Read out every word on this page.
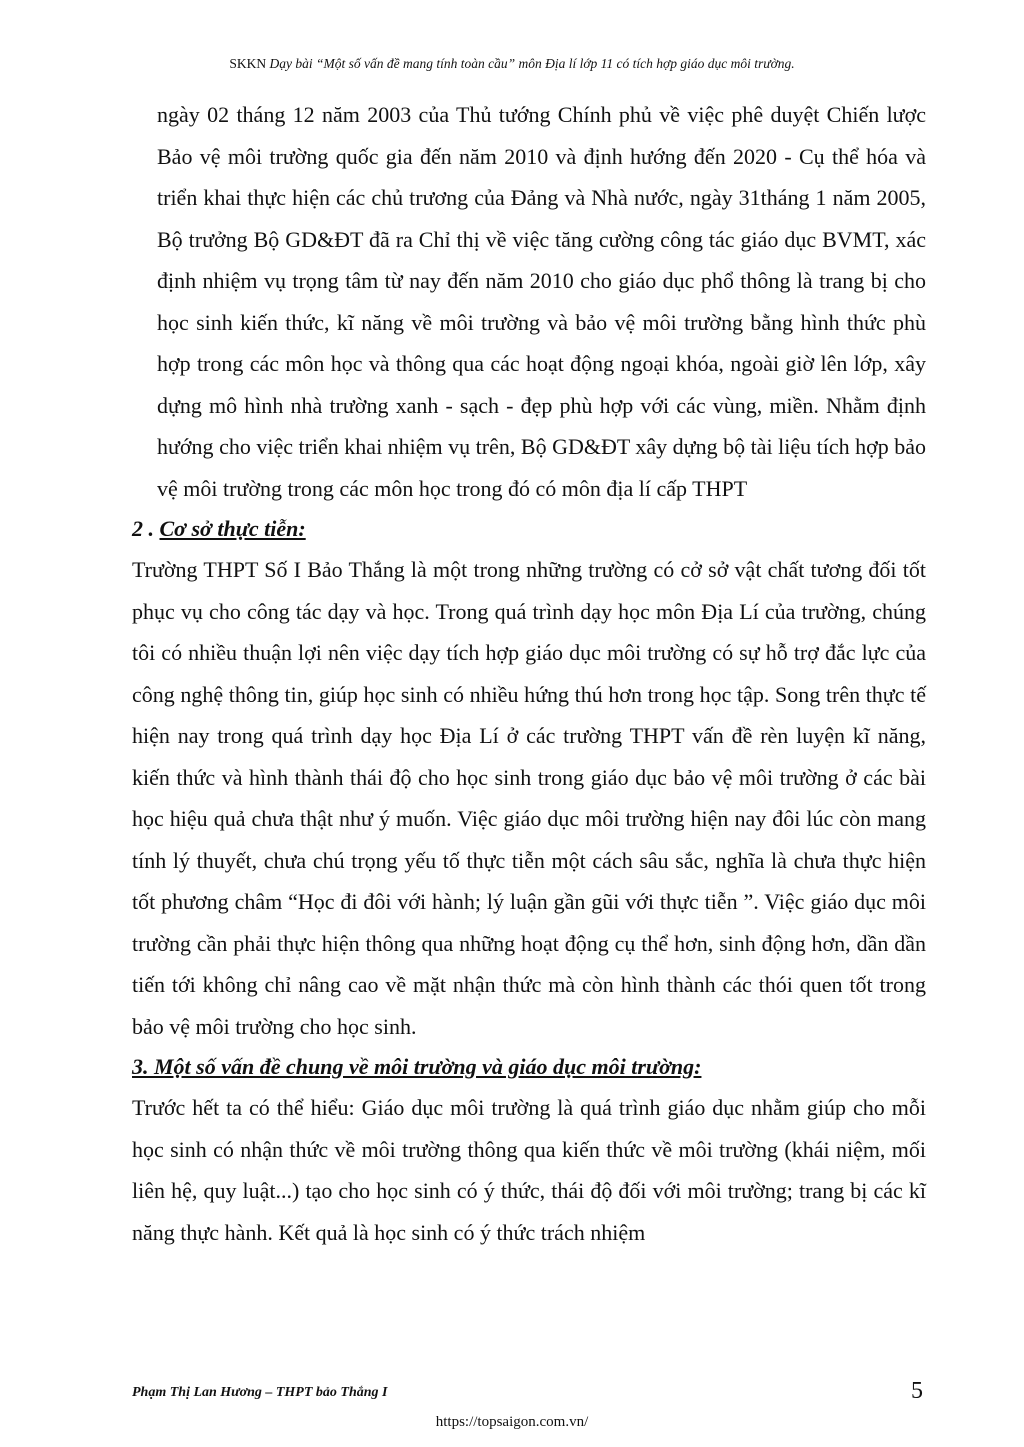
SKKN Dạy bài “Một số vấn đề mang tính toàn cầu” môn Địa lí lớp 11 có tích hợp giáo dục môi trường.

ngày 02 tháng 12 năm 2003 của Thủ tướng Chính phủ về việc phê duyệt Chiến lược Bảo vệ môi trường quốc gia đến năm 2010 và định hướng đến 2020 - Cụ thể hóa và triển khai thực hiện các chủ trương của Đảng và Nhà nước, ngày 31tháng 1 năm 2005, Bộ trưởng Bộ GD&ĐT đã ra Chỉ thị về việc tăng cường công tác giáo dục BVMT, xác định nhiệm vụ trọng tâm từ nay đến năm 2010 cho giáo dục phổ thông là trang bị cho học sinh kiến thức, kĩ năng về môi trường và bảo vệ môi trường bằng hình thức phù hợp trong các môn học và thông qua các hoạt động ngoại khóa, ngoài giờ lên lớp, xây dựng mô hình nhà trường xanh - sạch - đẹp phù hợp với các vùng, miền. Nhằm định hướng cho việc triển khai nhiệm vụ trên, Bộ GD&ĐT xây dựng bộ tài liệu tích hợp bảo vệ môi trường trong các môn học trong đó có môn địa lí cấp THPT

2 . Cơ sở thực tiễn:

Trường THPT Số I Bảo Thắng là một trong những trường có cở sở vật chất tương đối tốt phục vụ cho công tác dạy và học. Trong quá trình dạy học môn Địa Lí của trường, chúng tôi có nhiều thuận lợi nên việc dạy tích hợp giáo dục môi trường có sự hỗ trợ đắc lực của công nghệ thông tin, giúp học sinh có nhiều hứng thú hơn trong học tập. Song trên thực tế hiện nay trong quá trình dạy học Địa Lí ở các trường THPT vấn đề rèn luyện kĩ năng, kiến thức và hình thành thái độ cho học sinh trong giáo dục bảo vệ môi trường ở các bài học hiệu quả chưa thật như ý muốn. Việc giáo dục môi trường hiện nay đôi lúc còn mang tính lý thuyết, chưa chú trọng yếu tố thực tiễn một cách sâu sắc, nghĩa là chưa thực hiện tốt phương châm “Học đi đôi với hành; lý luận gần gũi với thực tiễn ”. Việc giáo dục môi trường cần phải thực hiện thông qua những hoạt động cụ thể hơn, sinh động hơn, dần dần tiến tới không chỉ nâng cao về mặt nhận thức mà còn hình thành các thói quen tốt trong bảo vệ môi trường cho học sinh.

3. Một số vấn đề chung về môi trường và giáo dục môi trường:

Trước hết ta có thể hiểu: Giáo dục môi trường là quá trình giáo dục nhằm giúp cho mỗi học sinh có nhận thức về môi trường thông qua kiến thức về môi trường (khái niệm, mối liên hệ, quy luật...) tạo cho học sinh có ý thức, thái độ đối với môi trường; trang bị các kĩ năng thực hành. Kết quả là học sinh có ý thức trách nhiệm

Phạm Thị Lan Hương – THPT bảo Thắng I	5
https://topsaigon.com.vn/
